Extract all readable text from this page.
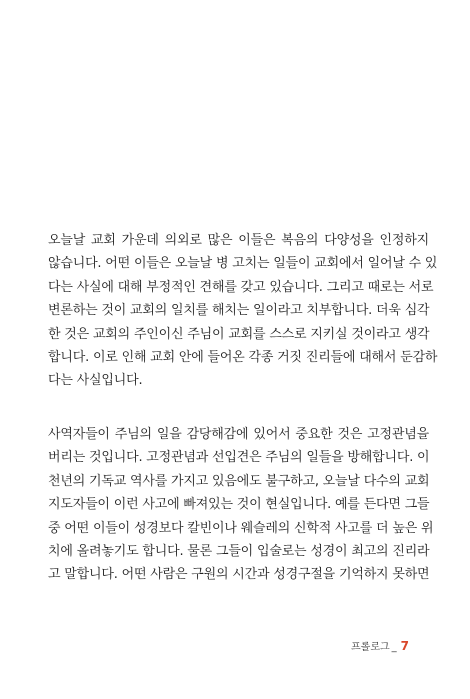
오늘날 교회 가운데 의외로 많은 이들은 복음의 다양성을 인정하지
않습니다. 어떤 이들은 오늘날 병 고치는 일들이 교회에서 일어날 수 있
다는 사실에 대해 부정적인 견해를 갖고 있습니다. 그리고 때로는 서로
변론하는 것이 교회의 일치를 해치는 일이라고 치부합니다. 더욱 심각
한 것은 교회의 주인이신 주님이 교회를 스스로 지키실 것이라고 생각
합니다. 이로 인해 교회 안에 들어온 각종 거짓 진리들에 대해서 둔감하
다는 사실입니다.
사역자들이 주님의 일을 감당해감에 있어서 중요한 것은 고정관념을
버리는 것입니다. 고정관념과 선입견은 주님의 일들을 방해합니다. 이
천년의 기독교 역사를 가지고 있음에도 불구하고, 오늘날 다수의 교회
지도자들이 이런 사고에 빠져있는 것이 현실입니다. 예를 든다면 그들
중 어떤 이들이 성경보다 칼빈이나 웨슬레의 신학적 사고를 더 높은 위
치에 올려놓기도 합니다. 물론 그들이 입술로는 성경이 최고의 진리라
고 말합니다. 어떤 사람은 구원의 시간과 성경구절을 기억하지 못하면
프롤로그 _ 7
